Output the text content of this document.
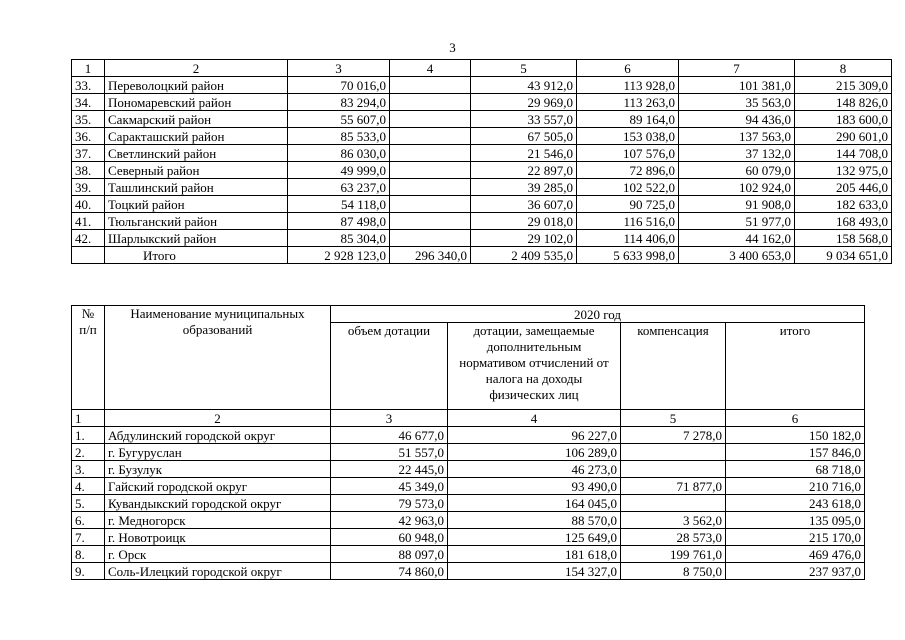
3
1	2	3	4	5	6	7	8
33.	Переволоцкий район	70 016,0		43 912,0	113 928,0	101 381,0	215 309,0
34.	Пономаревский район	83 294,0		29 969,0	113 263,0	35 563,0	148 826,0
35.	Сакмарский район	55 607,0		33 557,0	89 164,0	94 436,0	183 600,0
36.	Саракташский район	85 533,0		67 505,0	153 038,0	137 563,0	290 601,0
37.	Светлинский район	86 030,0		21 546,0	107 576,0	37 132,0	144 708,0
38.	Северный район	49 999,0		22 897,0	72 896,0	60 079,0	132 975,0
39.	Ташлинский район	63 237,0		39 285,0	102 522,0	102 924,0	205 446,0
40.	Тоцкий район	54 118,0		36 607,0	90 725,0	91 908,0	182 633,0
41.	Тюльганский район	87 498,0		29 018,0	116 516,0	51 977,0	168 493,0
42.	Шарлыкский район	85 304,0		29 102,0	114 406,0	44 162,0	158 568,0
	Итого	2 928 123,0	296 340,0	2 409 535,0	5 633 998,0	3 400 653,0	9 034 651,0
№ п/п	Наименование муниципальных образований	2020 год			
		объем дотации	дотации, замещаемые дополнительным нормативом отчислений от налога на доходы физических лиц	компенсация	итого
1	2	3	4	5	6
1.	Абдулинский городской округ	46 677,0	96 227,0	7 278,0	150 182,0
2.	г. Бугуруслан	51 557,0	106 289,0		157 846,0
3.	г. Бузулук	22 445,0	46 273,0		68 718,0
4.	Гайский городской округ	45 349,0	93 490,0	71 877,0	210 716,0
5.	Кувандыкский городской округ	79 573,0	164 045,0		243 618,0
6.	г. Медногорск	42 963,0	88 570,0	3 562,0	135 095,0
7.	г. Новотроицк	60 948,0	125 649,0	28 573,0	215 170,0
8.	г. Орск	88 097,0	181 618,0	199 761,0	469 476,0
9.	Соль-Илецкий городской округ	74 860,0	154 327,0	8 750,0	237 937,0
